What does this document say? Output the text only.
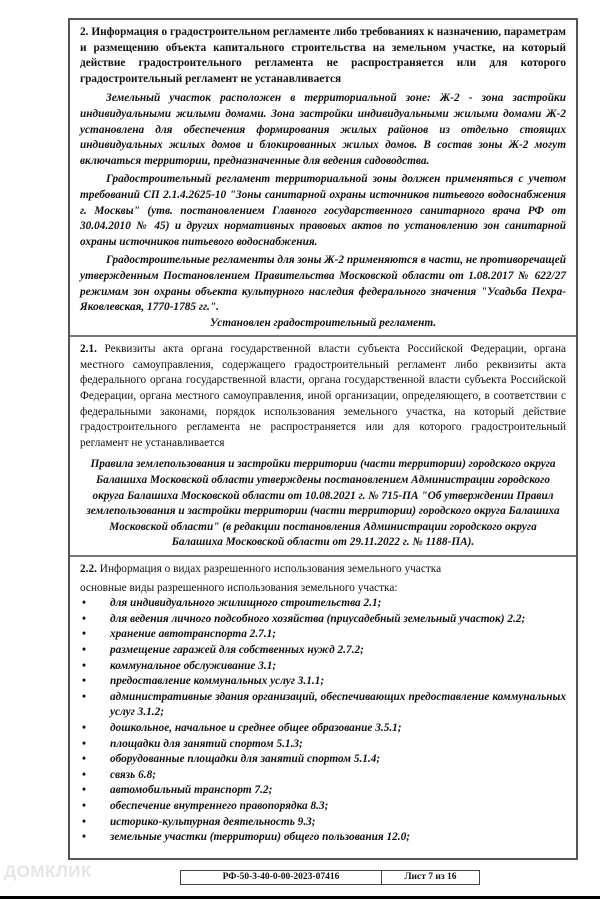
2. Информация о градостроительном регламенте либо требованиях к назначению, параметрам и размещению объекта капитального строительства на земельном участке, на который действие градостроительного регламента не распространяется или для которого градостроительный регламент не устанавливается

Земельный участок расположен в территориальной зоне: Ж-2 - зона застройки индивидуальными жилыми домами. Зона застройки индивидуальными жилыми домами Ж-2 установлена для обеспечения формирования жилых районов из отдельно стоящих индивидуальных жилых домов и блокированных жилых домов. В состав зоны Ж-2 могут включаться территории, предназначенные для ведения садоводства.

Градостроительный регламент территориальной зоны должен применяться с учетом требований СП 2.1.4.2625-10 "Зоны санитарной охраны источников питьевого водоснабжения г. Москвы" (утв. постановлением Главного государственного санитарного врача РФ от 30.04.2010 № 45) и других нормативных правовых актов по установлению зон санитарной охраны источников питьевого водоснабжения.

Градостроительные регламенты для зоны Ж-2 применяются в части, не противоречащей утвержденным Постановлением Правительства Московской области от 1.08.2017 № 622/27 режимам зон охраны объекта культурного наследия федерального значения "Усадьба Пехра-Яковлевская, 1770-1785 гг.".

Установлен градостроительный регламент.

2.1. Реквизиты акта органа государственной власти субъекта Российской Федерации, органа местного самоуправления, содержащего градостроительный регламент либо реквизиты акта федерального органа государственной власти, органа государственной власти субъекта Российской Федерации, органа местного самоуправления, иной организации, определяющего, в соответствии с федеральными законами, порядок использования земельного участка, на который действие градостроительного регламента не распространяется или для которого градостроительный регламент не устанавливается

Правила землепользования и застройки территории (части территории) городского округа Балашиха Московской области утверждены постановлением Администрации городского округа Балашиха Московской области от 10.08.2021 г. № 715-ПА "Об утверждении Правил землепользования и застройки территории (части территории) городского округа Балашиха Московской области" (в редакции постановления Администрации городского округа Балашиха Московской области от 29.11.2022 г. № 1188-ПА).

2.2. Информация о видах разрешенного использования земельного участка

основные виды разрешенного использования земельного участка:

• для индивидуального жилищного строительства 2.1;
• для ведения личного подсобного хозяйства (приусадебный земельный участок) 2.2;
• хранение автотранспорта 2.7.1;
• размещение гаражей для собственных нужд 2.7.2;
• коммунальное обслуживание 3.1;
• предоставление коммунальных услуг 3.1.1;
• административные здания организаций, обеспечивающих предоставление коммунальных услуг 3.1.2;
• дошкольное, начальное и среднее общее образование 3.5.1;
• площадки для занятий спортом 5.1.3;
• оборудованные площадки для занятий спортом 5.1.4;
• связь 6.8;
• автомобильный транспорт 7.2;
• обеспечение внутреннего правопорядка 8.3;
• историко-культурная деятельность 9.3;
• земельные участки (территории) общего пользования 12.0;
ДОМКЛИК	РФ-50-3-40-0-00-2023-07416	Лист 7 из 16
